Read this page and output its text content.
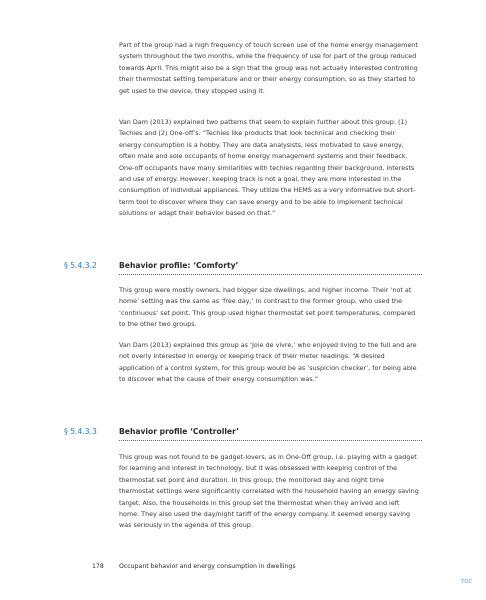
Part of the group had a high frequency of touch screen use of the home energy management system throughout the two months, while the frequency of use for part of the group reduced towards April. This might also be a sign that the group was not actually interested controlling their thermostat setting temperature and or their energy consumption, so as they started to get used to the device, they stopped using it.

Van Dam (2013) explained two patterns that seem to explain further about this group: (1) Techies and (2) One-off’s. “Techies like products that look technical and checking their energy consumption is a hobby. They are data analysists, less motivated to save energy, often male and sole occupants of home energy management systems and their feedback. One-off occupants have many similarities with techies regarding their background, interests and use of energy. However, keeping track is not a goal, they are more interested in the consumption of individual appliances. They utilize the HEMS as a very informative but short-term tool to discover where they can save energy and to be able to implement technical solutions or adapt their behavior based on that.”

§ 5.4.3.2	Behavior profile: ‘Comforty’

This group were mostly owners, had bigger size dwellings, and higher income. Their ‘not at home’ setting was the same as ‘free day,’ in contrast to the former group, who used the ‘continuous’ set point. This group used higher thermostat set point temperatures, compared to the other two groups.

Van Dam (2013) explained this group as ‘Joie de vivre,’ who enjoyed living to the full and are not overly interested in energy or keeping track of their meter readings. “A desired application of a control system, for this group would be as ‘suspicion checker’, for being able to discover what the cause of their energy consumption was.”

§ 5.4.3.3	Behavior profile ‘Controller’

This group was not found to be gadget-lovers, as in One-Off group, i.e. playing with a gadget for learning and interest in technology, but it was obsessed with keeping control of the thermostat set point and duration. In this group, the monitored day and night time thermostat settings were significantly correlated with the household having an energy saving target. Also, the households in this group set the thermostat when they arrived and left home. They also used the day/night tariff of the energy company. It seemed energy saving was seriously in the agenda of this group.

178 Occupant behavior and energy consumption in dwellings
TOC
